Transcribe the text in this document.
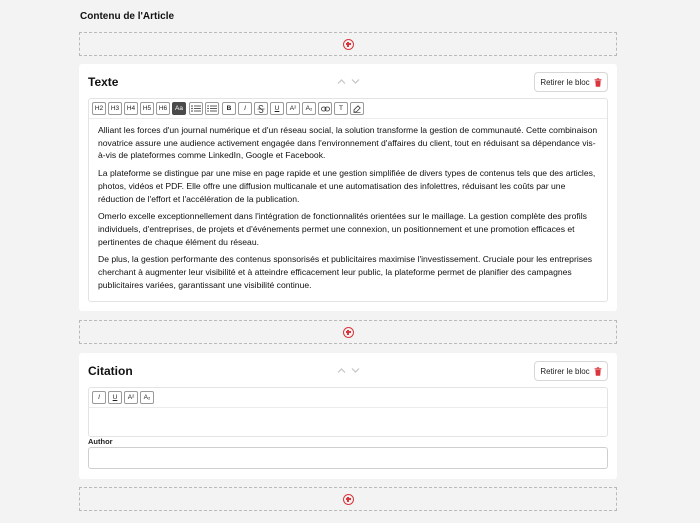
Contenu de l'Article
Texte	Retirer le bloc
H2	H3	H4	H5	H6	Aa	B	I	U	A²	A₂	T

Alliant les forces d'un journal numérique et d'un réseau social, la solution transforme la gestion de communauté. Cette combinaison novatrice assure une audience activement engagée dans l'environnement d'affaires du client, tout en réduisant sa dépendance vis-à-vis de plateformes comme LinkedIn, Google et Facebook.

La plateforme se distingue par une mise en page rapide et une gestion simplifiée de divers types de contenus tels que des articles, photos, vidéos et PDF. Elle offre une diffusion multicanale et une automatisation des infolettres, réduisant les coûts par une réduction de l'effort et l'accélération de la publication.

Omerlo excelle exceptionnellement dans l'intégration de fonctionnalités orientées sur le maillage. La gestion complète des profils individuels, d'entreprises, de projets et d'événements permet une connexion, un positionnement et une promotion efficaces et pertinentes de chaque élément du réseau.

De plus, la gestion performante des contenus sponsorisés et publicitaires maximise l'investissement. Cruciale pour les entreprises cherchant à augmenter leur visibilité et à atteindre efficacement leur public, la plateforme permet de planifier des campagnes publicitaires variées, garantissant une visibilité continue.

Citation	Retirer le bloc
I	U	A²	A₂
Author
